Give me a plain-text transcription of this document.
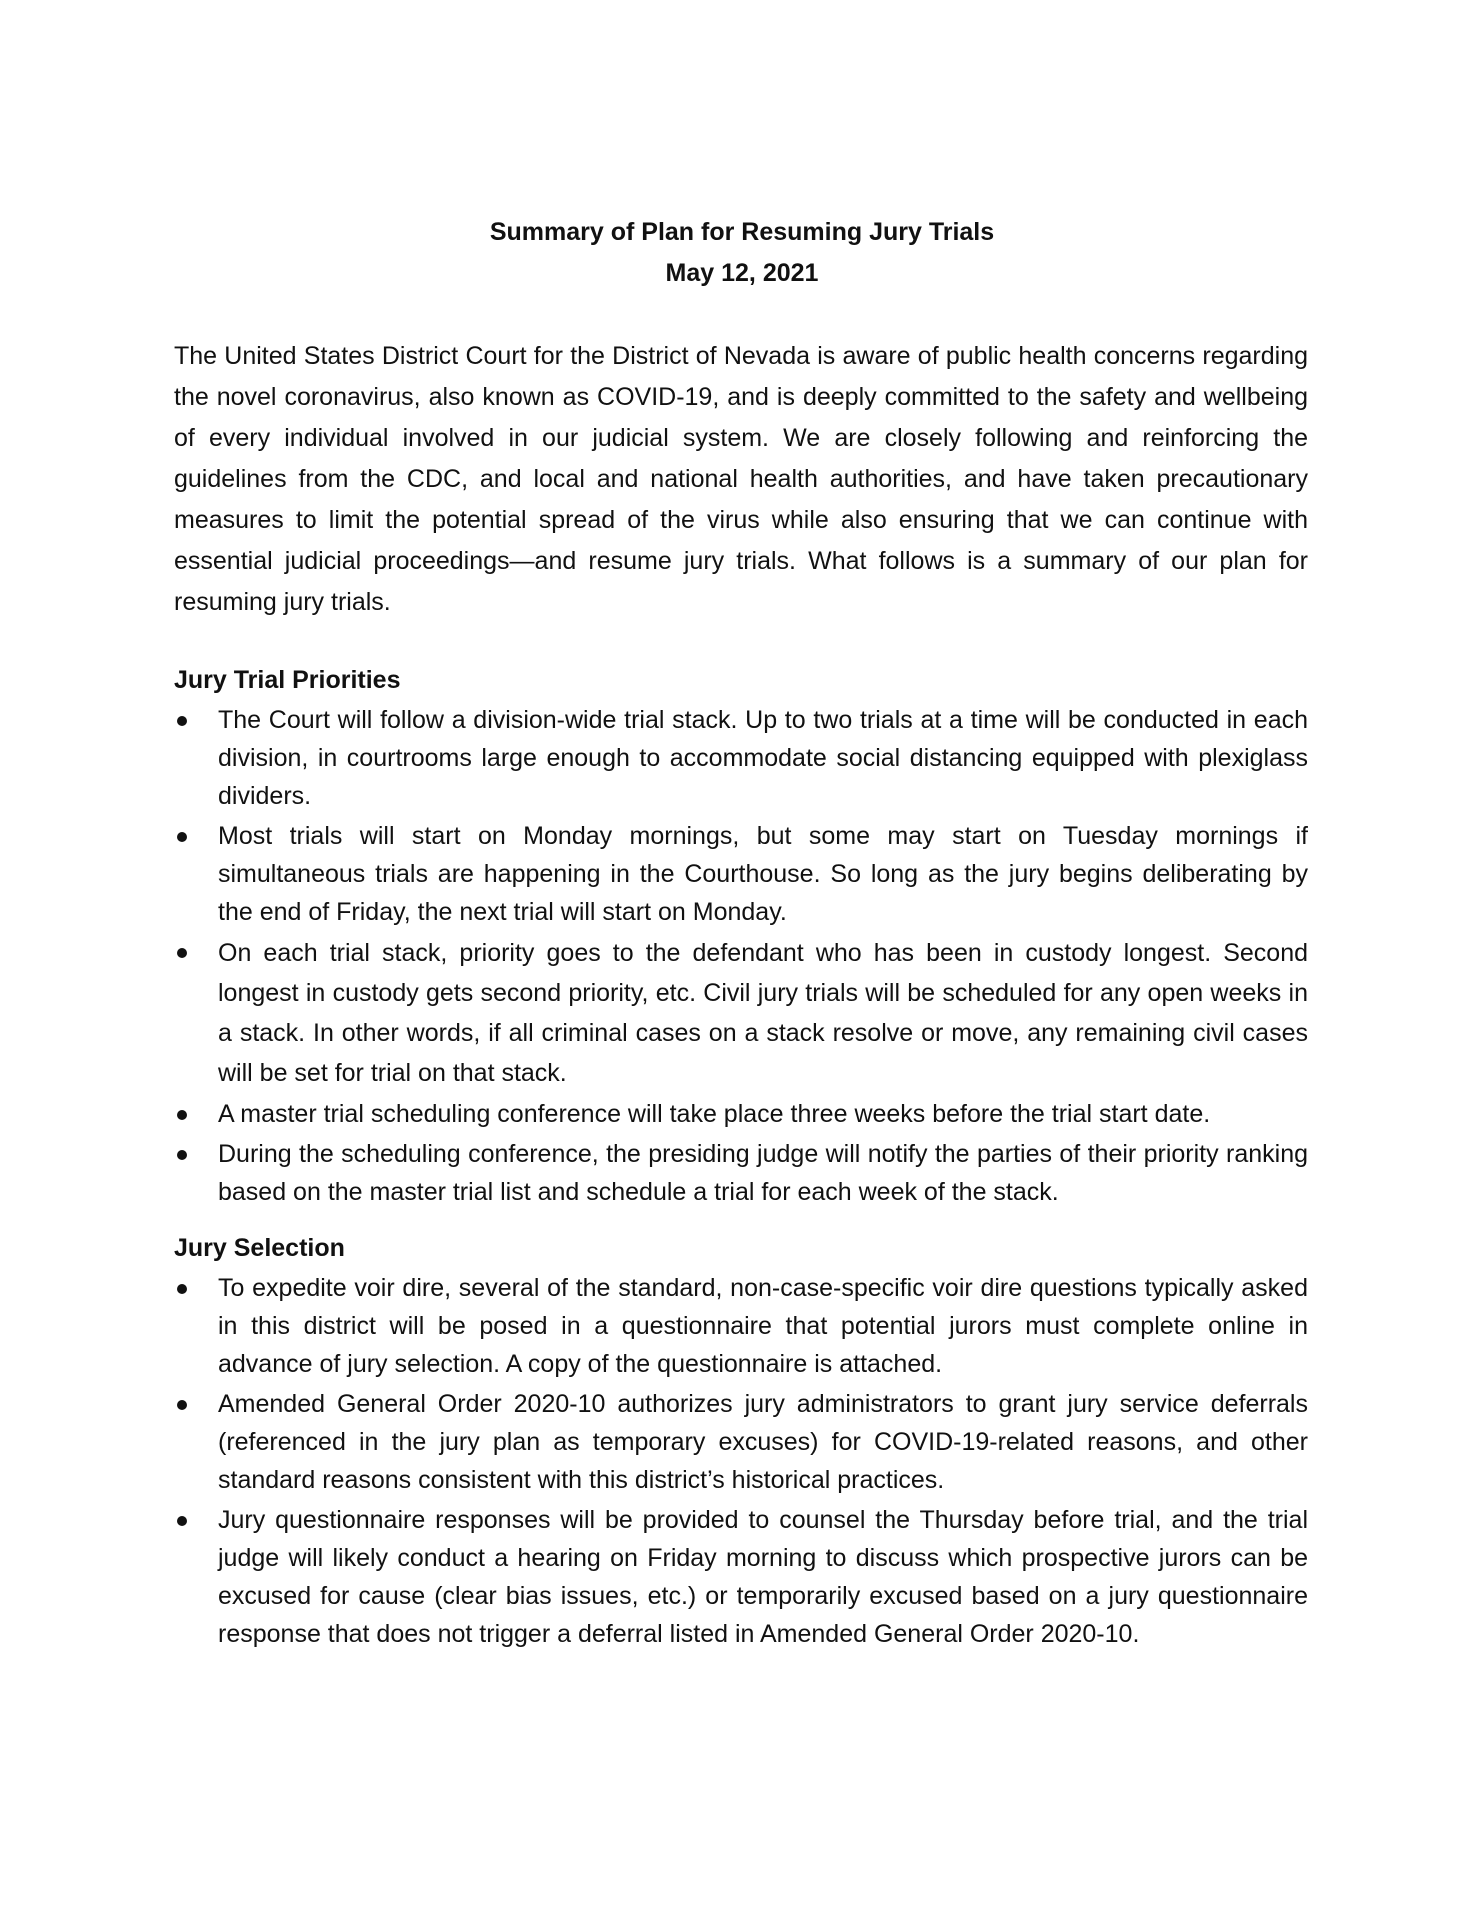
Summary of Plan for Resuming Jury Trials

May 12, 2021

The United States District Court for the District of Nevada is aware of public health concerns regarding the novel coronavirus, also known as COVID-19, and is deeply committed to the safety and wellbeing of every individual involved in our judicial system. We are closely following and reinforcing the guidelines from the CDC, and local and national health authorities, and have taken precautionary measures to limit the potential spread of the virus while also ensuring that we can continue with essential judicial proceedings—and resume jury trials. What follows is a summary of our plan for resuming jury trials.

Jury Trial Priorities

The Court will follow a division-wide trial stack. Up to two trials at a time will be conducted in each division, in courtrooms large enough to accommodate social distancing equipped with plexiglass dividers.
Most trials will start on Monday mornings, but some may start on Tuesday mornings if simultaneous trials are happening in the Courthouse. So long as the jury begins deliberating by the end of Friday, the next trial will start on Monday.
On each trial stack, priority goes to the defendant who has been in custody longest. Second longest in custody gets second priority, etc. Civil jury trials will be scheduled for any open weeks in a stack. In other words, if all criminal cases on a stack resolve or move, any remaining civil cases will be set for trial on that stack.
A master trial scheduling conference will take place three weeks before the trial start date.
During the scheduling conference, the presiding judge will notify the parties of their priority ranking based on the master trial list and schedule a trial for each week of the stack.

Jury Selection

To expedite voir dire, several of the standard, non-case-specific voir dire questions typically asked in this district will be posed in a questionnaire that potential jurors must complete online in advance of jury selection. A copy of the questionnaire is attached.
Amended General Order 2020-10 authorizes jury administrators to grant jury service deferrals (referenced in the jury plan as temporary excuses) for COVID-19-related reasons, and other standard reasons consistent with this district’s historical practices.
Jury questionnaire responses will be provided to counsel the Thursday before trial, and the trial judge will likely conduct a hearing on Friday morning to discuss which prospective jurors can be excused for cause (clear bias issues, etc.) or temporarily excused based on a jury questionnaire response that does not trigger a deferral listed in Amended General Order 2020-10.
